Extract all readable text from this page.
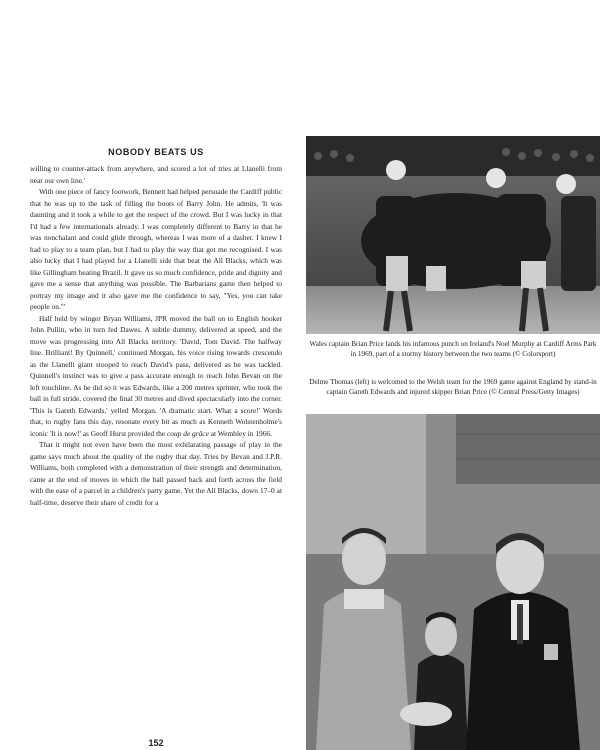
NOBODY BEATS US

willing to counter-attack from anywhere, and scored a lot of tries at Llanelli from near our own line.'

With one piece of fancy footwork, Bennett had helped persuade the Cardiff public that he was up to the task of filling the boots of Barry John. He admits, 'It was daunting and it took a while to get the respect of the crowd. But I was lucky in that I'd had a few internationals already. I was completely different to Barry in that he was nonchalant and could glide through, whereas I was more of a dasher. I knew I had to play to a team plan, but I had to play the way that got me recognised. I was also lucky that I had played for a Llanelli side that beat the All Blacks, which was like Gillingham beating Brazil. It gave us so much confidence, pride and dignity and gave me a sense that anything was possible. The Barbarians game then helped to portray my image and it also gave me the confidence to say, "Yes, you can take people on."'

Half held by winger Bryan Williams, JPR moved the ball on to English hooker John Pullin, who in turn fed Dawes. A subtle dummy, delivered at speed, and the move was progressing into All Blacks territory. 'David, Tom David. The halfway line. Brilliant! By Quinnell,' continued Morgan, his voice rising towards crescendo as the Llanelli giant stooped to reach David's pass, delivered as he was tackled. Quinnell's instinct was to give a pass accurate enough to reach John Bevan on the left touchline. As he did so it was Edwards, like a 200 metres sprinter, who took the ball in full stride, covered the final 30 metres and dived spectacularly into the corner. 'This is Gareth Edwards,' yelled Morgan. 'A dramatic start. What a score!' Words that, to rugby fans this day, resonate every bit as much as Kenneth Wolstenholme's iconic 'It is now!' as Geoff Hurst provided the coup de grâce at Wembley in 1966.

That it might not even have been the most exhilarating passage of play in the game says much about the quality of the rugby that day. Tries by Bevan and J.P.R. Williams, both completed with a demonstration of their strength and determination, came at the end of moves in which the ball passed back and forth across the field with the ease of a parcel in a children's party game. Yet the All Blacks, down 17–0 at half-time, deserve their share of credit for a

152
Wales captain Brian Price lands his infamous punch on Ireland's Noel Murphy at Cardiff Arms Park in 1969, part of a stormy history between the two teams (© Colorsport)
Delme Thomas (left) is welcomed to the Welsh team for the 1969 game against England by stand-in captain Gareth Edwards and injured skipper Brian Price (© Central Press/Getty Images)
